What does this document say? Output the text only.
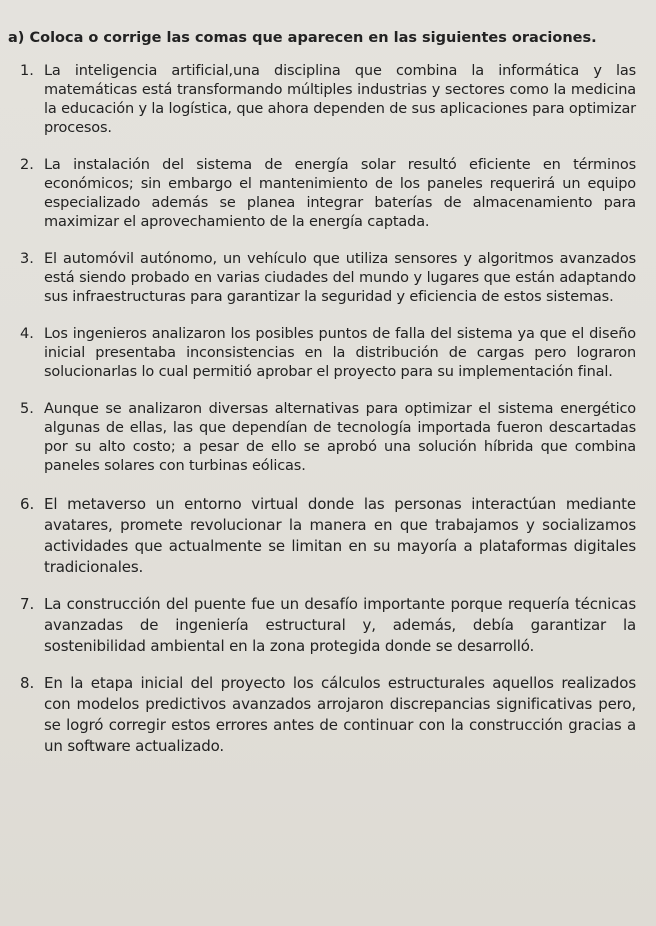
a) Coloca o corrige las comas que aparecen en las siguientes oraciones.
1. La inteligencia artificial,una disciplina que combina la informática y las matemáticas está transformando múltiples industrias y sectores como la medicina la educación y la logística, que ahora dependen de sus aplicaciones para optimizar procesos.

2. La instalación del sistema de energía solar resultó eficiente en términos económicos; sin embargo el mantenimiento de los paneles requerirá un equipo especializado además se planea integrar baterías de almacenamiento para maximizar el aprovechamiento de la energía captada.

3. El automóvil autónomo, un vehículo que utiliza sensores y algoritmos avanzados está siendo probado en varias ciudades del mundo y lugares que están adaptando sus infraestructuras para garantizar la seguridad y eficiencia de estos sistemas.

4. Los ingenieros analizaron los posibles puntos de falla del sistema ya que el diseño inicial presentaba inconsistencias en la distribución de cargas pero lograron solucionarlas lo cual permitió aprobar el proyecto para su implementación final.

5. Aunque se analizaron diversas alternativas para optimizar el sistema energético algunas de ellas, las que dependían de tecnología importada fueron descartadas por su alto costo; a pesar de ello se aprobó una solución híbrida que combina paneles solares con turbinas eólicas.

6. El metaverso un entorno virtual donde las personas interactúan mediante avatares, promete revolucionar la manera en que trabajamos y socializamos actividades que actualmente se limitan en su mayoría a plataformas digitales tradicionales.

7. La construcción del puente fue un desafío importante porque requería técnicas avanzadas de ingeniería estructural y, además, debía garantizar la sostenibilidad ambiental en la zona protegida donde se desarrolló.

8. En la etapa inicial del proyecto los cálculos estructurales aquellos realizados con modelos predictivos avanzados arrojaron discrepancias significativas pero, se logró corregir estos errores antes de continuar con la construcción gracias a un software actualizado.
